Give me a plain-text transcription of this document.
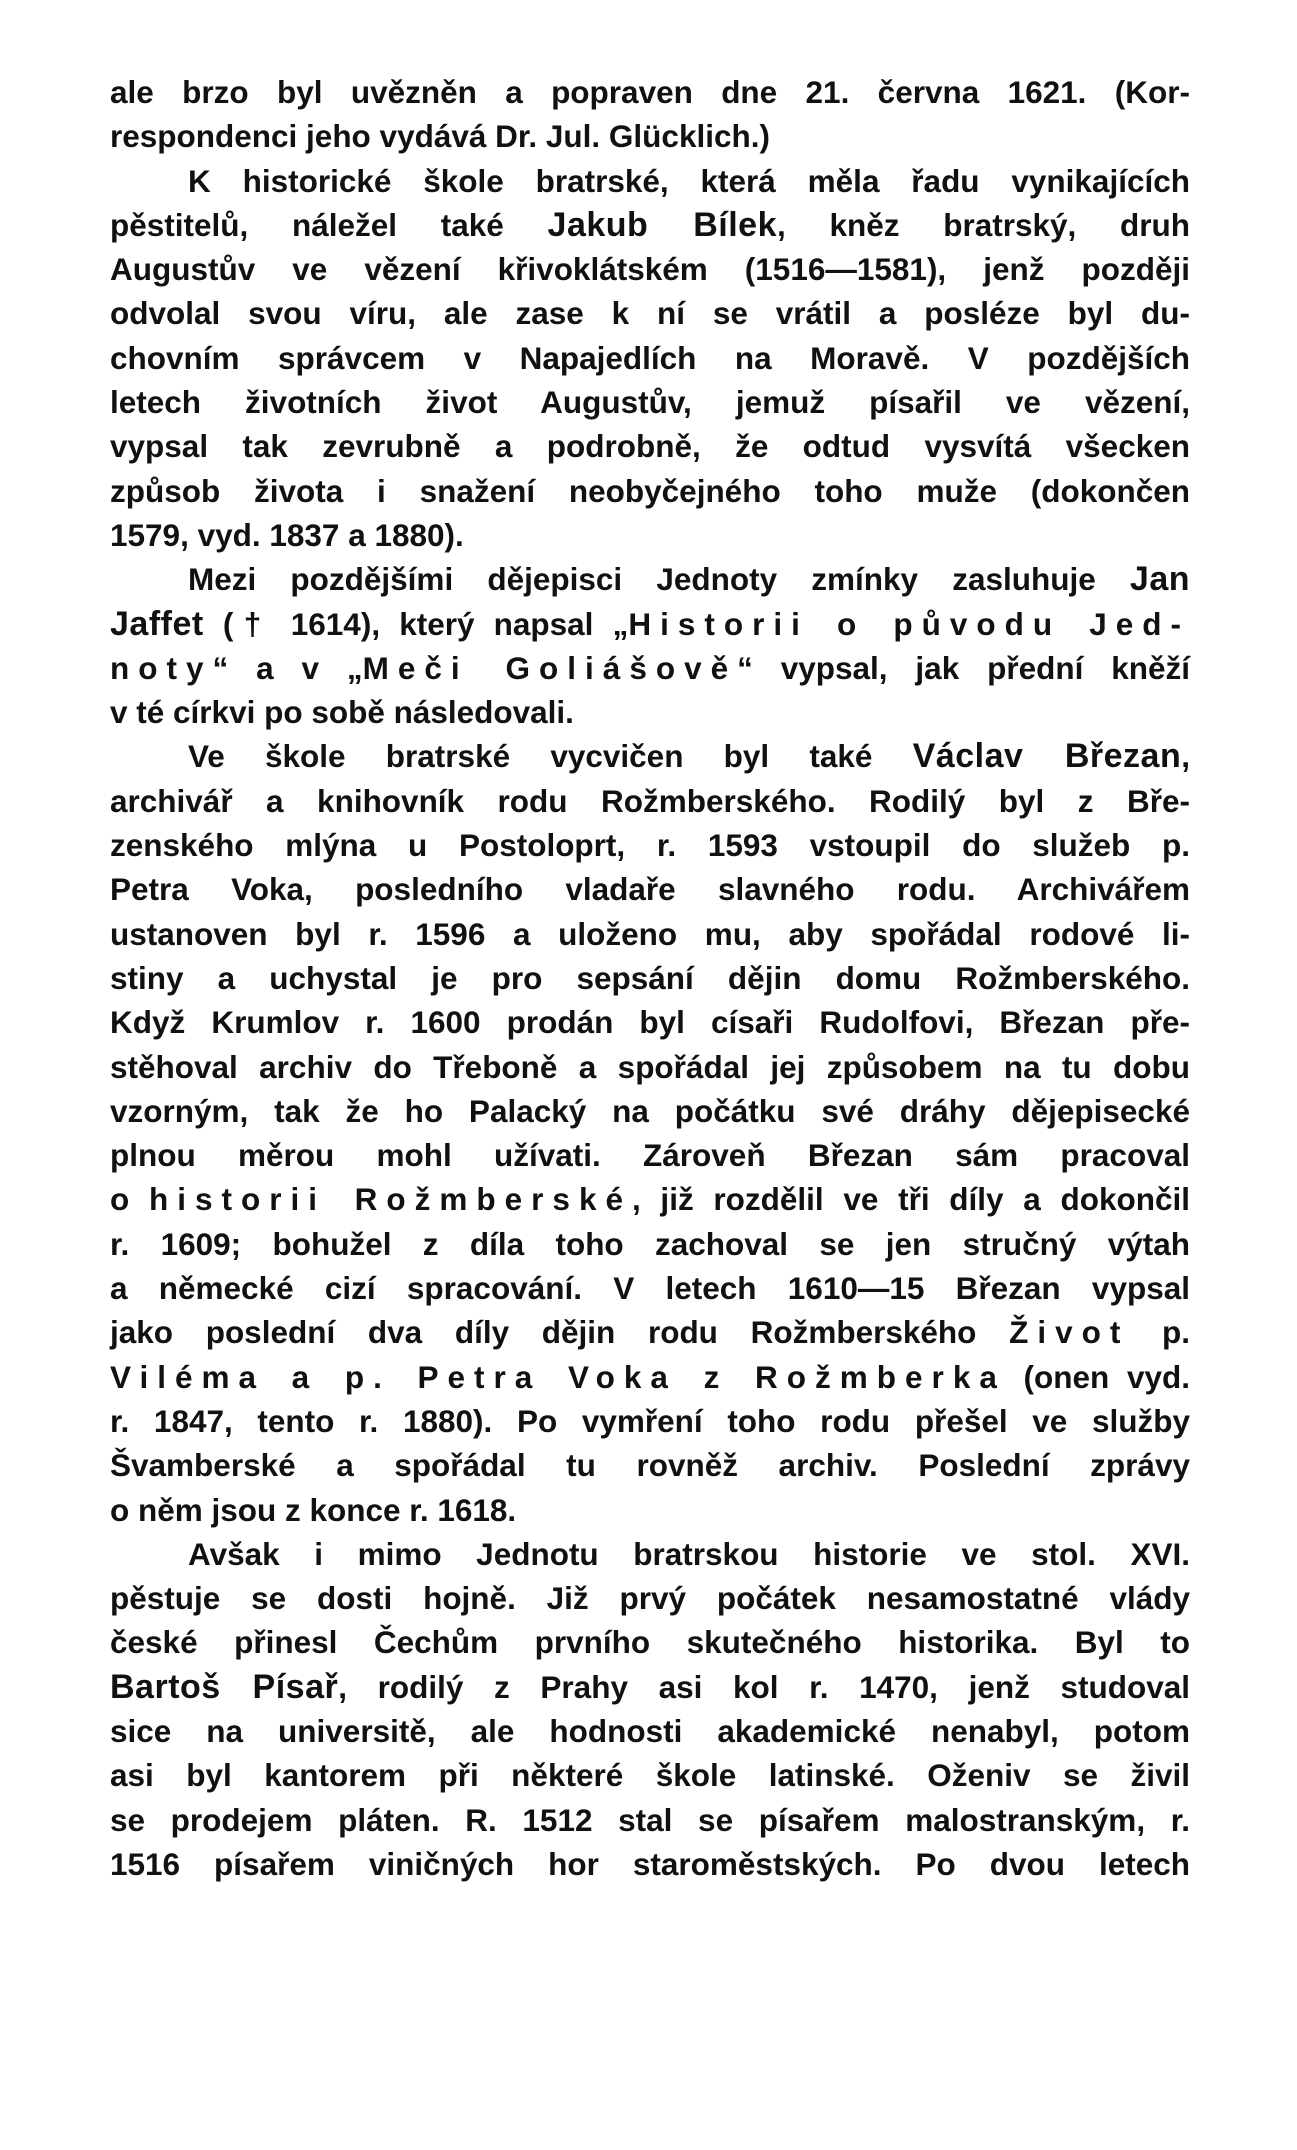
ale brzo byl uvězněn a popraven dne 21. června 1621. (Kor-
respondenci jeho vydává Dr. Jul. Glücklich.)
K historické škole bratrské, která měla řadu vynikajících
pěstitelů, náležel také Jakub Bílek, kněz bratrský, druh
Augustův ve vězení křivoklátském (1516—1581), jenž později
odvolal svou víru, ale zase k ní se vrátil a posléze byl du-
chovním správcem v Napajedlích na Moravě. V pozdějších
letech životních život Augustův, jemuž písařil ve vězení,
vypsal tak zevrubně a podrobně, že odtud vysvítá všecken
způsob života i snažení neobyčejného toho muže (dokončen
1579, vyd. 1837 a 1880).
Mezi pozdějšími dějepisci Jednoty zmínky zasluhuje Jan
Jaffet († 1614), který napsal „Historii o původu Jed-
noty“ a v „Meči Goliášově“ vypsal, jak přední kněží
v té církvi po sobě následovali.
Ve škole bratrské vycvičen byl také Václav Březan,
archivář a knihovník rodu Rožmberského. Rodilý byl z Bře-
zenského mlýna u Postoloprt, r. 1593 vstoupil do služeb p.
Petra Voka, posledního vladaře slavného rodu. Archivářem
ustanoven byl r. 1596 a uloženo mu, aby spořádal rodové li-
stiny a uchystal je pro sepsání dějin domu Rožmberského.
Když Krumlov r. 1600 prodán byl císaři Rudolfovi, Březan pře-
stěhoval archiv do Třeboně a spořádal jej způsobem na tu dobu
vzorným, tak že ho Palacký na počátku své dráhy dějepisecké
plnou měrou mohl užívati. Zároveň Březan sám pracoval
o historii Rožmberské, již rozdělil ve tři díly a dokončil
r. 1609; bohužel z díla toho zachoval se jen stručný výtah
a německé cizí spracování. V letech 1610—15 Březan vypsal
jako poslední dva díly dějin rodu Rožmberského Život p.
Viléma a p. Petra Voka z Rožmberka (onen vyd.
r. 1847, tento r. 1880). Po vymření toho rodu přešel ve služby
Švamberské a spořádal tu rovněž archiv. Poslední zprávy
o něm jsou z konce r. 1618.
Avšak i mimo Jednotu bratrskou historie ve stol. XVI.
pěstuje se dosti hojně. Již prvý počátek nesamostatné vlády
české přinesl Čechům prvního skutečného historika. Byl to
Bartoš Písař, rodilý z Prahy asi kol r. 1470, jenž studoval
sice na universitě, ale hodnosti akademické nenabyl, potom
asi byl kantorem při některé škole latinské. Oženiv se živil
se prodejem pláten. R. 1512 stal se písařem malostranským, r.
1516 písařem viničných hor staroměstských. Po dvou letech
